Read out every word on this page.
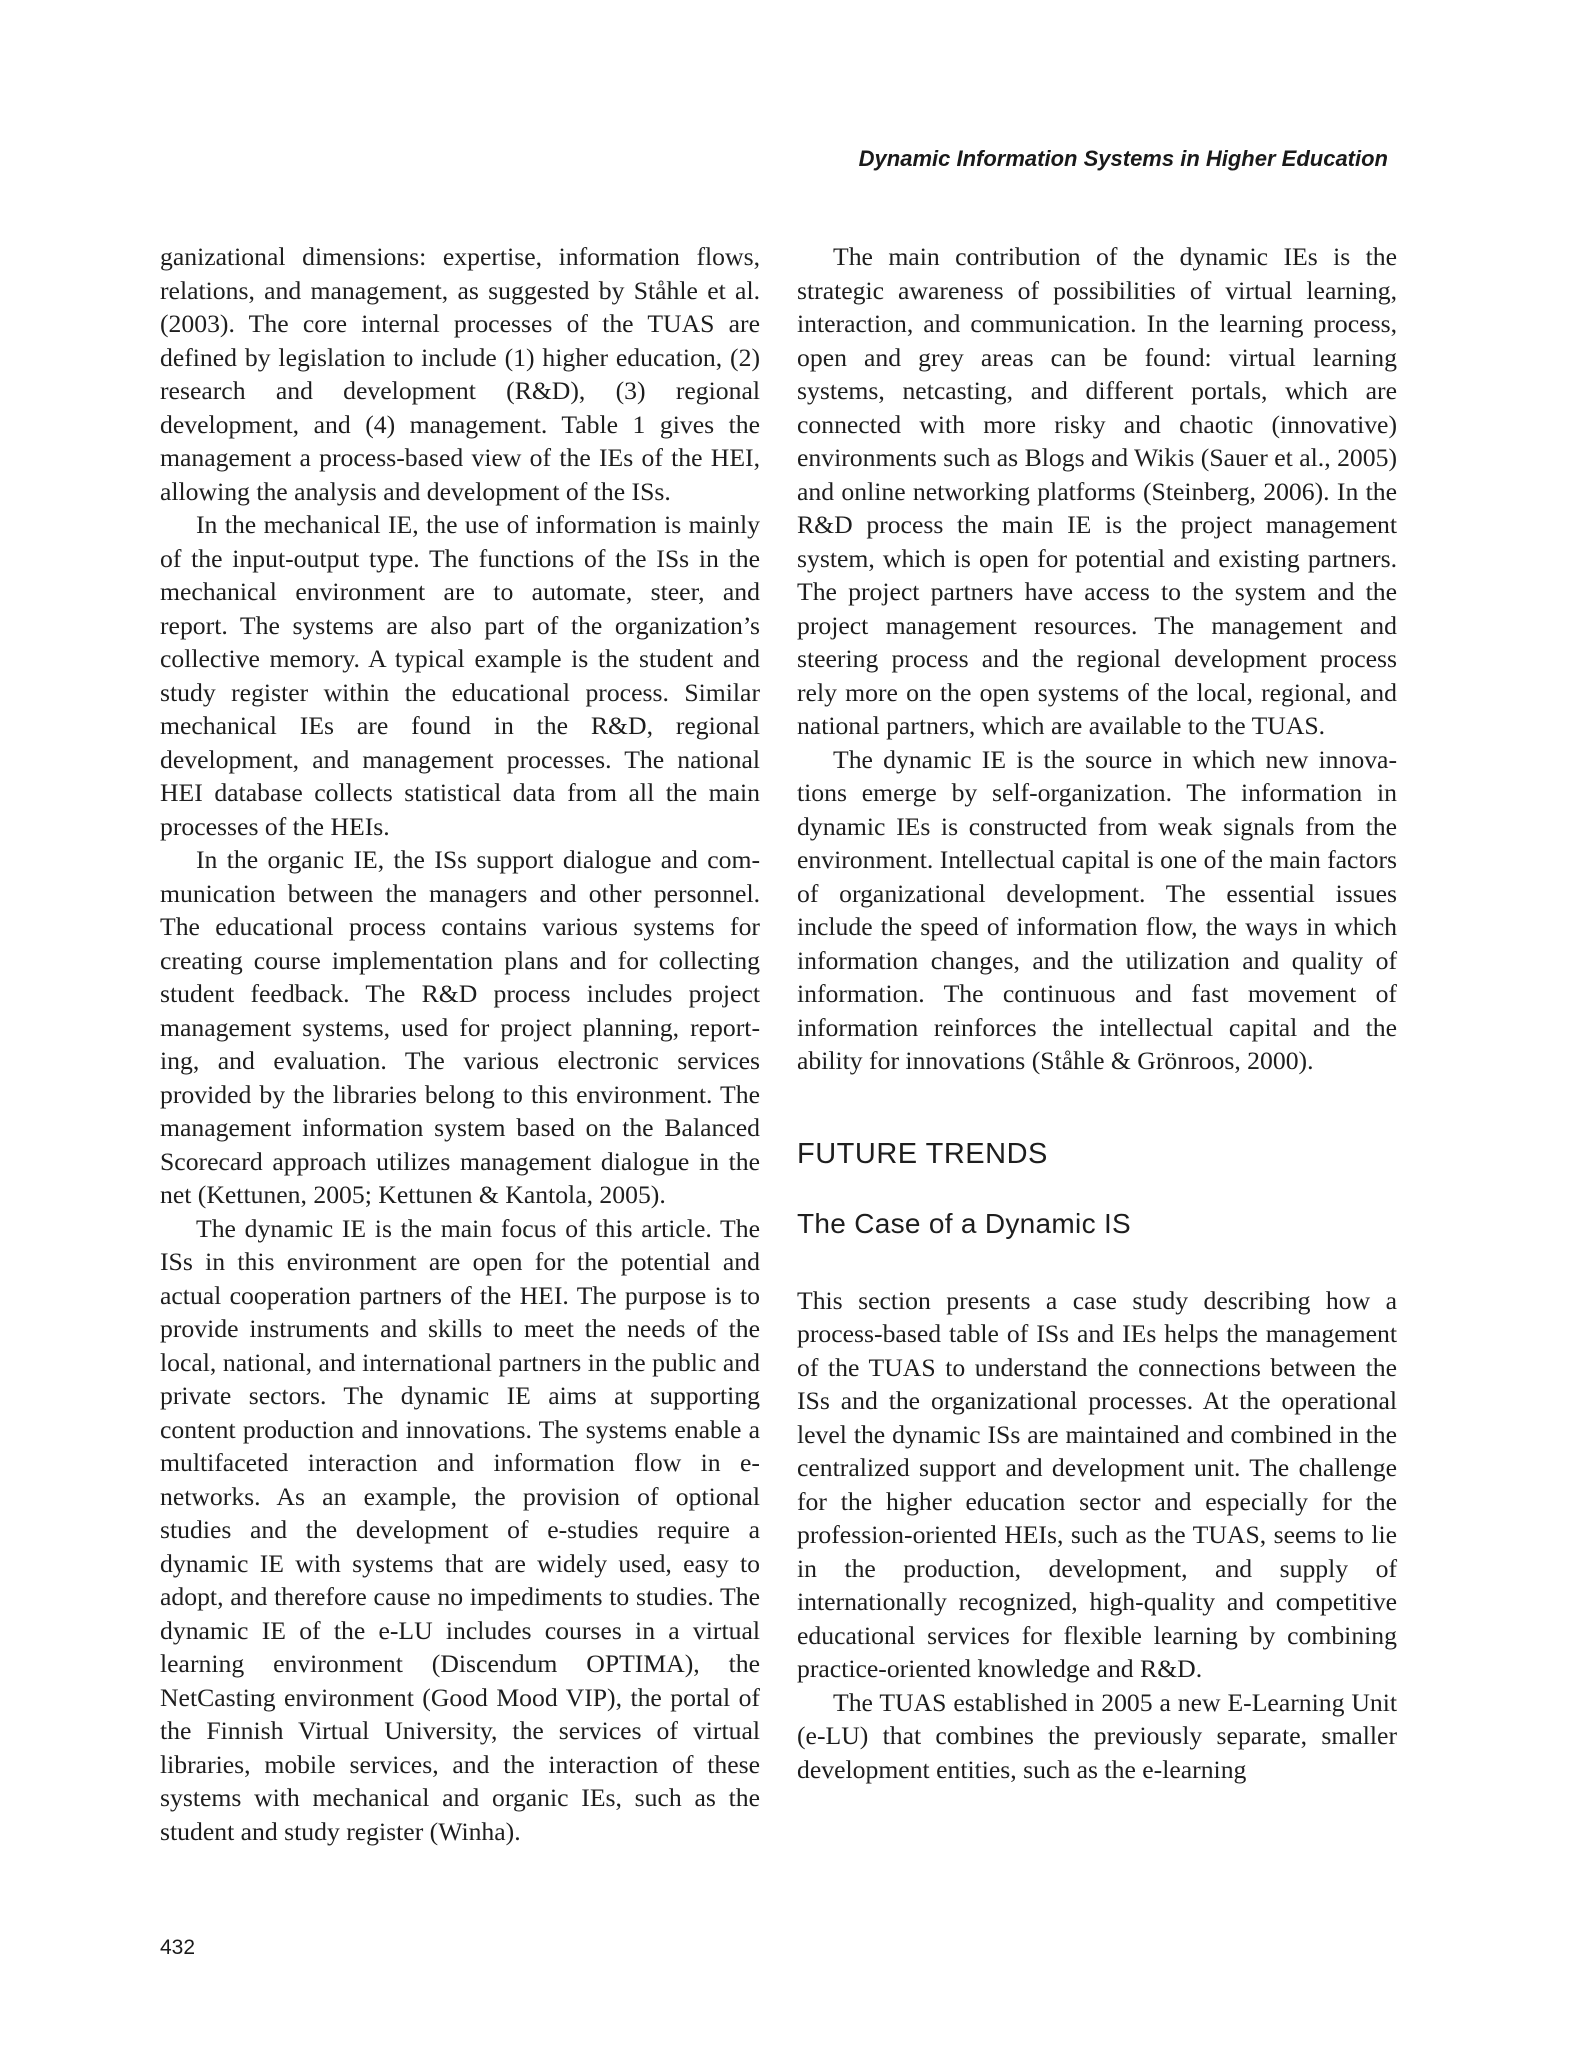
Dynamic Information Systems in Higher Education

ganizational dimensions: expertise, information flows, relations, and management, as suggested by Ståhle et al. (2003). The core internal processes of the TUAS are defined by legislation to include (1) higher education, (2) research and development (R&D), (3) regional development, and (4) management. Table 1 gives the management a process-based view of the IEs of the HEI, allowing the analysis and development of the ISs.

In the mechanical IE, the use of information is mainly of the input-output type. The functions of the ISs in the mechanical environment are to automate, steer, and report. The systems are also part of the organization’s collective memory. A typical example is the student and study register within the educational process. Similar mechanical IEs are found in the R&D, regional development, and management processes. The national HEI database collects statistical data from all the main processes of the HEIs.

In the organic IE, the ISs support dialogue and communication between the managers and other personnel. The educational process contains various systems for creating course implementation plans and for collecting student feedback. The R&D process includes project management systems, used for project planning, reporting, and evaluation. The various electronic services provided by the libraries belong to this environment. The management information system based on the Balanced Scorecard approach utilizes management dialogue in the net (Kettunen, 2005; Kettunen & Kantola, 2005).

The dynamic IE is the main focus of this article. The ISs in this environment are open for the potential and actual cooperation partners of the HEI. The purpose is to provide instruments and skills to meet the needs of the local, national, and international partners in the public and private sectors. The dynamic IE aims at supporting content production and innovations. The systems enable a multifaceted interaction and information flow in e-networks. As an example, the provision of optional studies and the development of e-studies require a dynamic IE with systems that are widely used, easy to adopt, and therefore cause no impediments to studies. The dynamic IE of the e-LU includes courses in a virtual learning environment (Discendum OPTIMA), the NetCasting environment (Good Mood VIP), the portal of the Finnish Virtual University, the services of virtual libraries, mobile services, and the interaction of these systems with mechanical and organic IEs, such as the student and study register (Winha).

The main contribution of the dynamic IEs is the strategic awareness of possibilities of virtual learning, interaction, and communication. In the learning process, open and grey areas can be found: virtual learning systems, netcasting, and different portals, which are connected with more risky and chaotic (innovative) environments such as Blogs and Wikis (Sauer et al., 2005) and online networking platforms (Steinberg, 2006). In the R&D process the main IE is the project management system, which is open for potential and existing partners. The project partners have access to the system and the project management resources. The management and steering process and the regional development process rely more on the open systems of the local, regional, and national partners, which are available to the TUAS.

The dynamic IE is the source in which new innovations emerge by self-organization. The information in dynamic IEs is constructed from weak signals from the environment. Intellectual capital is one of the main factors of organizational development. The essential issues include the speed of information flow, the ways in which information changes, and the utilization and quality of information. The continuous and fast movement of information reinforces the intellectual capital and the ability for innovations (Ståhle & Grönroos, 2000).

FUTURE TRENDS
The Case of a Dynamic IS

This section presents a case study describing how a process-based table of ISs and IEs helps the management of the TUAS to understand the connections between the ISs and the organizational processes. At the operational level the dynamic ISs are maintained and combined in the centralized support and development unit. The challenge for the higher education sector and especially for the profession-oriented HEIs, such as the TUAS, seems to lie in the production, development, and supply of internationally recognized, high-quality and competitive educational services for flexible learning by combining practice-oriented knowledge and R&D.

The TUAS established in 2005 a new E-Learning Unit (e-LU) that combines the previously separate, smaller development entities, such as the e-learning

432
